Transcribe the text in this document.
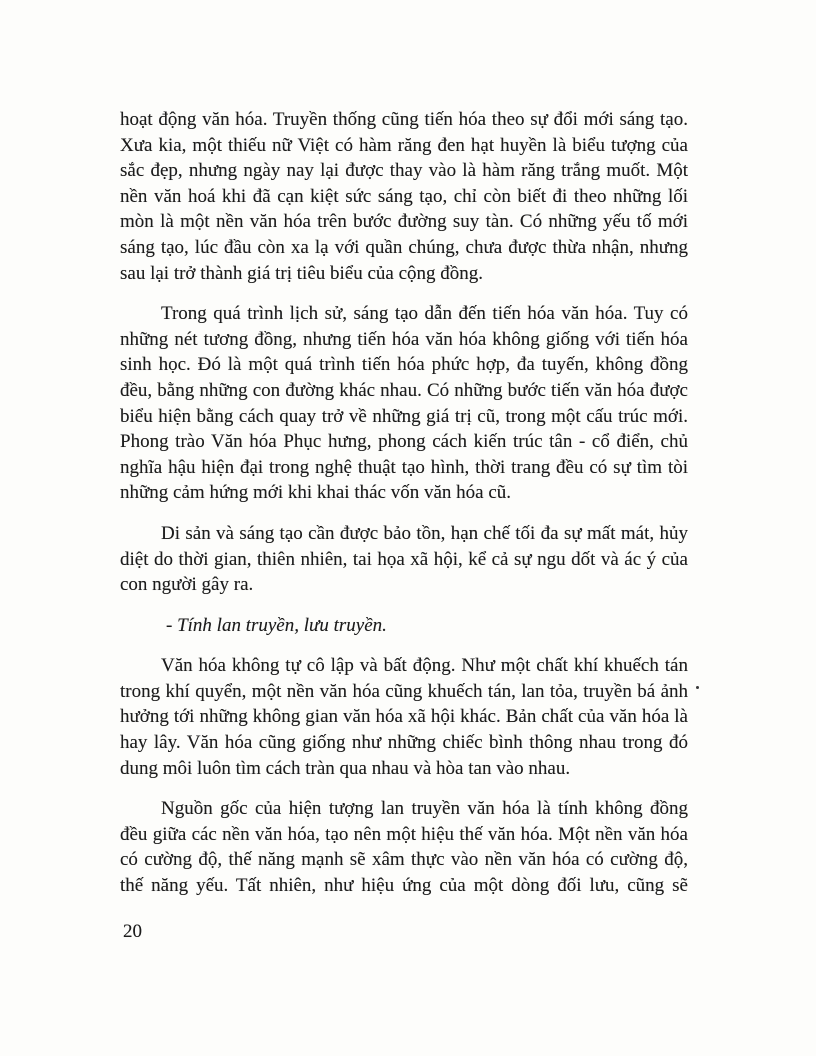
hoạt động văn hóa. Truyền thống cũng tiến hóa theo sự đổi mới sáng tạo. Xưa kia, một thiếu nữ Việt có hàm răng đen hạt huyền là biểu tượng của sắc đẹp, nhưng ngày nay lại được thay vào là hàm răng trắng muốt. Một nền văn hoá khi đã cạn kiệt sức sáng tạo, chỉ còn biết đi theo những lối mòn là một nền văn hóa trên bước đường suy tàn. Có những yếu tố mới sáng tạo, lúc đầu còn xa lạ với quần chúng, chưa được thừa nhận, nhưng sau lại trở thành giá trị tiêu biểu của cộng đồng.

Trong quá trình lịch sử, sáng tạo dẫn đến tiến hóa văn hóa. Tuy có những nét tương đồng, nhưng tiến hóa văn hóa không giống với tiến hóa sinh học. Đó là một quá trình tiến hóa phức hợp, đa tuyến, không đồng đều, bằng những con đường khác nhau. Có những bước tiến văn hóa được biểu hiện bằng cách quay trở về những giá trị cũ, trong một cấu trúc mới. Phong trào Văn hóa Phục hưng, phong cách kiến trúc tân - cổ điển, chủ nghĩa hậu hiện đại trong nghệ thuật tạo hình, thời trang đều có sự tìm tòi những cảm hứng mới khi khai thác vốn văn hóa cũ.

Di sản và sáng tạo cần được bảo tồn, hạn chế tối đa sự mất mát, hủy diệt do thời gian, thiên nhiên, tai họa xã hội, kể cả sự ngu dốt và ác ý của con người gây ra.

- Tính lan truyền, lưu truyền.

Văn hóa không tự cô lập và bất động. Như một chất khí khuếch tán trong khí quyển, một nền văn hóa cũng khuếch tán, lan tỏa, truyền bá ảnh hưởng tới những không gian văn hóa xã hội khác. Bản chất của văn hóa là hay lây. Văn hóa cũng giống như những chiếc bình thông nhau trong đó dung môi luôn tìm cách tràn qua nhau và hòa tan vào nhau.

Nguồn gốc của hiện tượng lan truyền văn hóa là tính không đồng đều giữa các nền văn hóa, tạo nên một hiệu thế văn hóa. Một nền văn hóa có cường độ, thế năng mạnh sẽ xâm thực vào nền văn hóa có cường độ, thế năng yếu. Tất nhiên, như hiệu ứng của một dòng đối lưu, cũng sẽ

20
